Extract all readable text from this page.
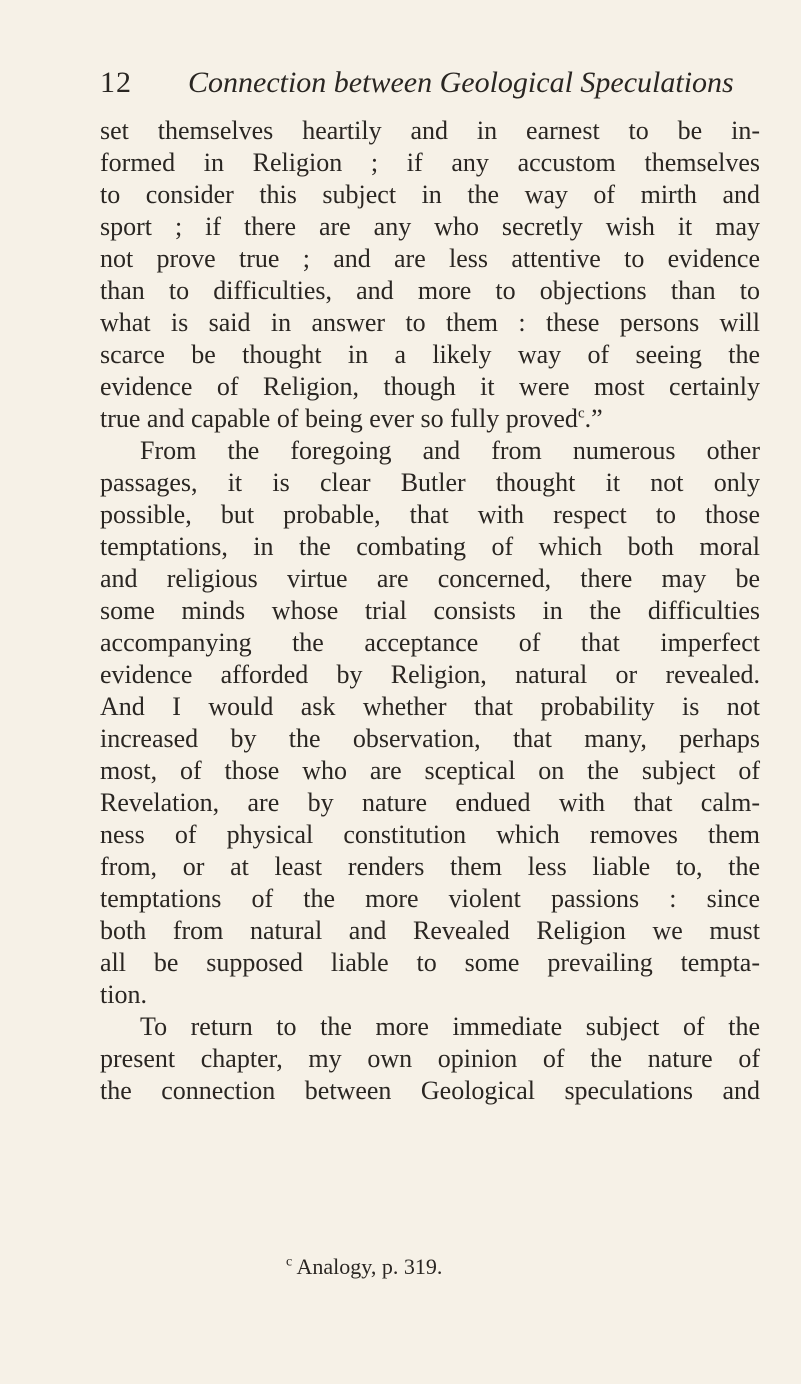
12 Connection between Geological Speculations
set themselves heartily and in earnest to be in-
formed in Religion ; if any accustom themselves
to consider this subject in the way of mirth and
sport ; if there are any who secretly wish it may
not prove true ; and are less attentive to evidence
than to difficulties, and more to objections than to
what is said in answer to them : these persons will
scarce be thought in a likely way of seeing the
evidence of Religion, though it were most certainly
true and capable of being ever so fully proved$^c$.”
From the foregoing and from numerous other
passages, it is clear Butler thought it not only
possible, but probable, that with respect to those
temptations, in the combating of which both moral
and religious virtue are concerned, there may be
some minds whose trial consists in the difficulties
accompanying the acceptance of that imperfect
evidence afforded by Religion, natural or revealed.
And I would ask whether that probability is not
increased by the observation, that many, perhaps
most, of those who are sceptical on the subject of
Revelation, are by nature endued with that calm-
ness of physical constitution which removes them
from, or at least renders them less liable to, the
temptations of the more violent passions : since
both from natural and Revealed Religion we must
all be supposed liable to some prevailing tempta-
tion.
To return to the more immediate subject of the
present chapter, my own opinion of the nature of
the connection between Geological speculations and
$^c$ Analogy, p. 319.
